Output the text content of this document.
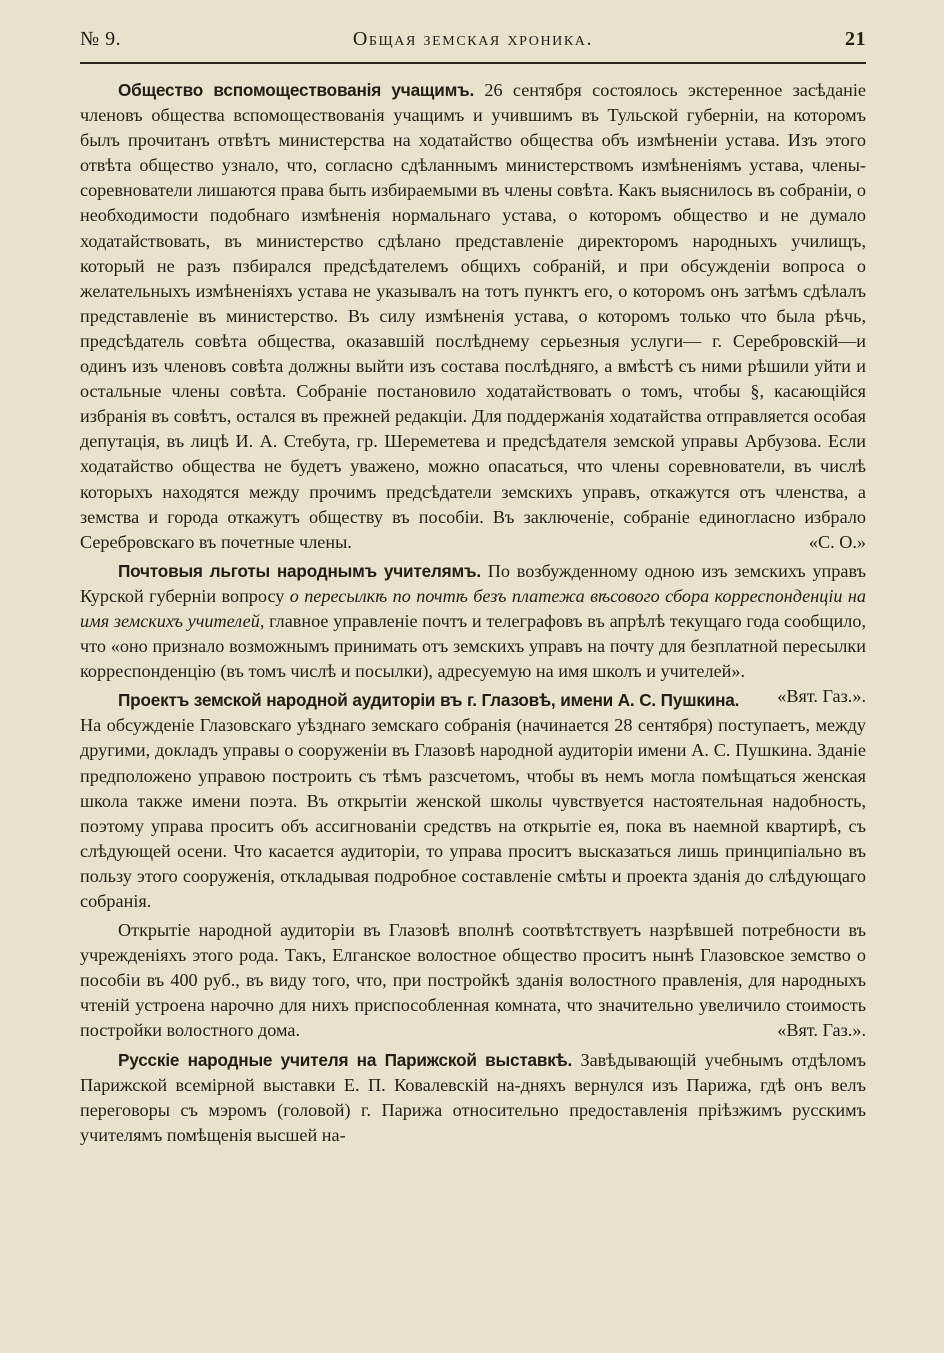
№ 9.	Общая земская хроника.	21

Общество вспомоществованія учащимъ. 26 сентября состоялось экстеренное засѣданіе членовъ общества вспомоществованія учащимъ и учившимъ въ Тульской губерніи, на которомъ былъ прочитанъ отвѣтъ министерства на ходатайство общества объ измѣненіи устава. Изъ этого отвѣта общество узнало, что, согласно сдѣланнымъ министерствомъ измѣненіямъ устава, члены-соревнователи лишаются права быть избираемыми въ члены совѣта. Какъ выяснилось въ собраніи, о необходимости подобнаго измѣненія нормальнаго устава, о которомъ общество и не думало ходатайствовать, въ министерство сдѣлано представленіе директоромъ народныхъ училищъ, который не разъ пзбирался предсѣдателемъ общихъ собраній, и при обсужденіи вопроса о желательныхъ измѣненіяхъ устава не указывалъ на тотъ пунктъ его, о которомъ онъ затѣмъ сдѣлалъ представленіе въ министерство. Въ силу измѣненія устава, о которомъ только что была рѣчь, предсѣдатель совѣта общества, оказавшій послѣднему серьезныя услуги— г. Серебровскій—и одинъ изъ членовъ совѣта должны выйти изъ состава послѣдняго, а вмѣстѣ съ ними рѣшили уйти и остальные члены совѣта. Собраніе постановило ходатайствовать о томъ, чтобы §, касающійся избранія въ совѣтъ, остался въ прежней редакціи. Для поддержанія ходатайства отправляется особая депутація, въ лицѣ И. А. Стебута, гр. Шереметева и предсѣдателя земской управы Арбузова. Если ходатайство общества не будетъ уважено, можно опасаться, что члены соревнователи, въ числѣ которыхъ находятся между прочимъ предсѣдатели земскихъ управъ, откажутся отъ членства, а земства и города откажутъ обществу въ пособіи. Въ заключеніе, собраніе единогласно избрало Серебровскаго въ почетные члены.	«С. О.»

Почтовыя льготы народнымъ учителямъ. По возбужденному одною изъ земскихъ управъ Курской губерніи вопросу о пересылкѣ по почтѣ безъ платежа вѣсового сбора корреспонденціи на имя земскихъ учителей, главное управленіе почтъ и телеграфовъ въ апрѣлѣ текущаго года сообщило, что «оно признало возможнымъ принимать отъ земскихъ управъ на почту для безплатной пересылки корреспонденцію (въ томъ числѣ и посылки), адресуемую на имя школъ и учителей».
«Вят. Газ.».

Проектъ земской народной аудиторіи въ г. Глазовѣ, имени А. С. Пушкина. На обсужденіе Глазовскаго уѣзднаго земскаго собранія (начинается 28 сентября) поступаетъ, между другими, докладъ управы о сооруженіи въ Глазовѣ народной аудиторіи имени А. С. Пушкина. Зданіе предположено управою построить съ тѣмъ разсчетомъ, чтобы въ немъ могла помѣщаться женская школа также имени поэта. Въ открытіи женской школы чувствуется настоятельная надобность, поэтому управа проситъ объ ассигнованіи средствъ на открытіе ея, пока въ наемной квартирѣ, съ слѣдующей осени. Что касается аудиторіи, то управа проситъ высказаться лишь принципіально въ пользу этого сооруженія, откладывая подробное составленіе смѣты и проекта зданія до слѣдующаго собранія.

Открытіе народной аудиторіи въ Глазовѣ вполнѣ соотвѣтствуетъ назрѣвшей потребности въ учрежденіяхъ этого рода. Такъ, Елганское волостное общество проситъ нынѣ Глазовское земство о пособіи въ 400 руб., въ виду того, что, при постройкѣ зданія волостного правленія, для народныхъ чтеній устроена нарочно для нихъ приспособленная комната, что значительно увеличило стоимость постройки волостного дома.	«Вят. Газ.».

Русскіе народные учителя на Парижской выставкѣ. Завѣдывающій учебнымъ отдѣломъ Парижской всемірной выставки Е. П. Ковалевскій на-дняхъ вернулся изъ Парижа, гдѣ онъ велъ переговоры съ мэромъ (головой) г. Парижа относительно предоставленія пріѣзжимъ русскимъ учителямъ помѣщенія высшей на-
